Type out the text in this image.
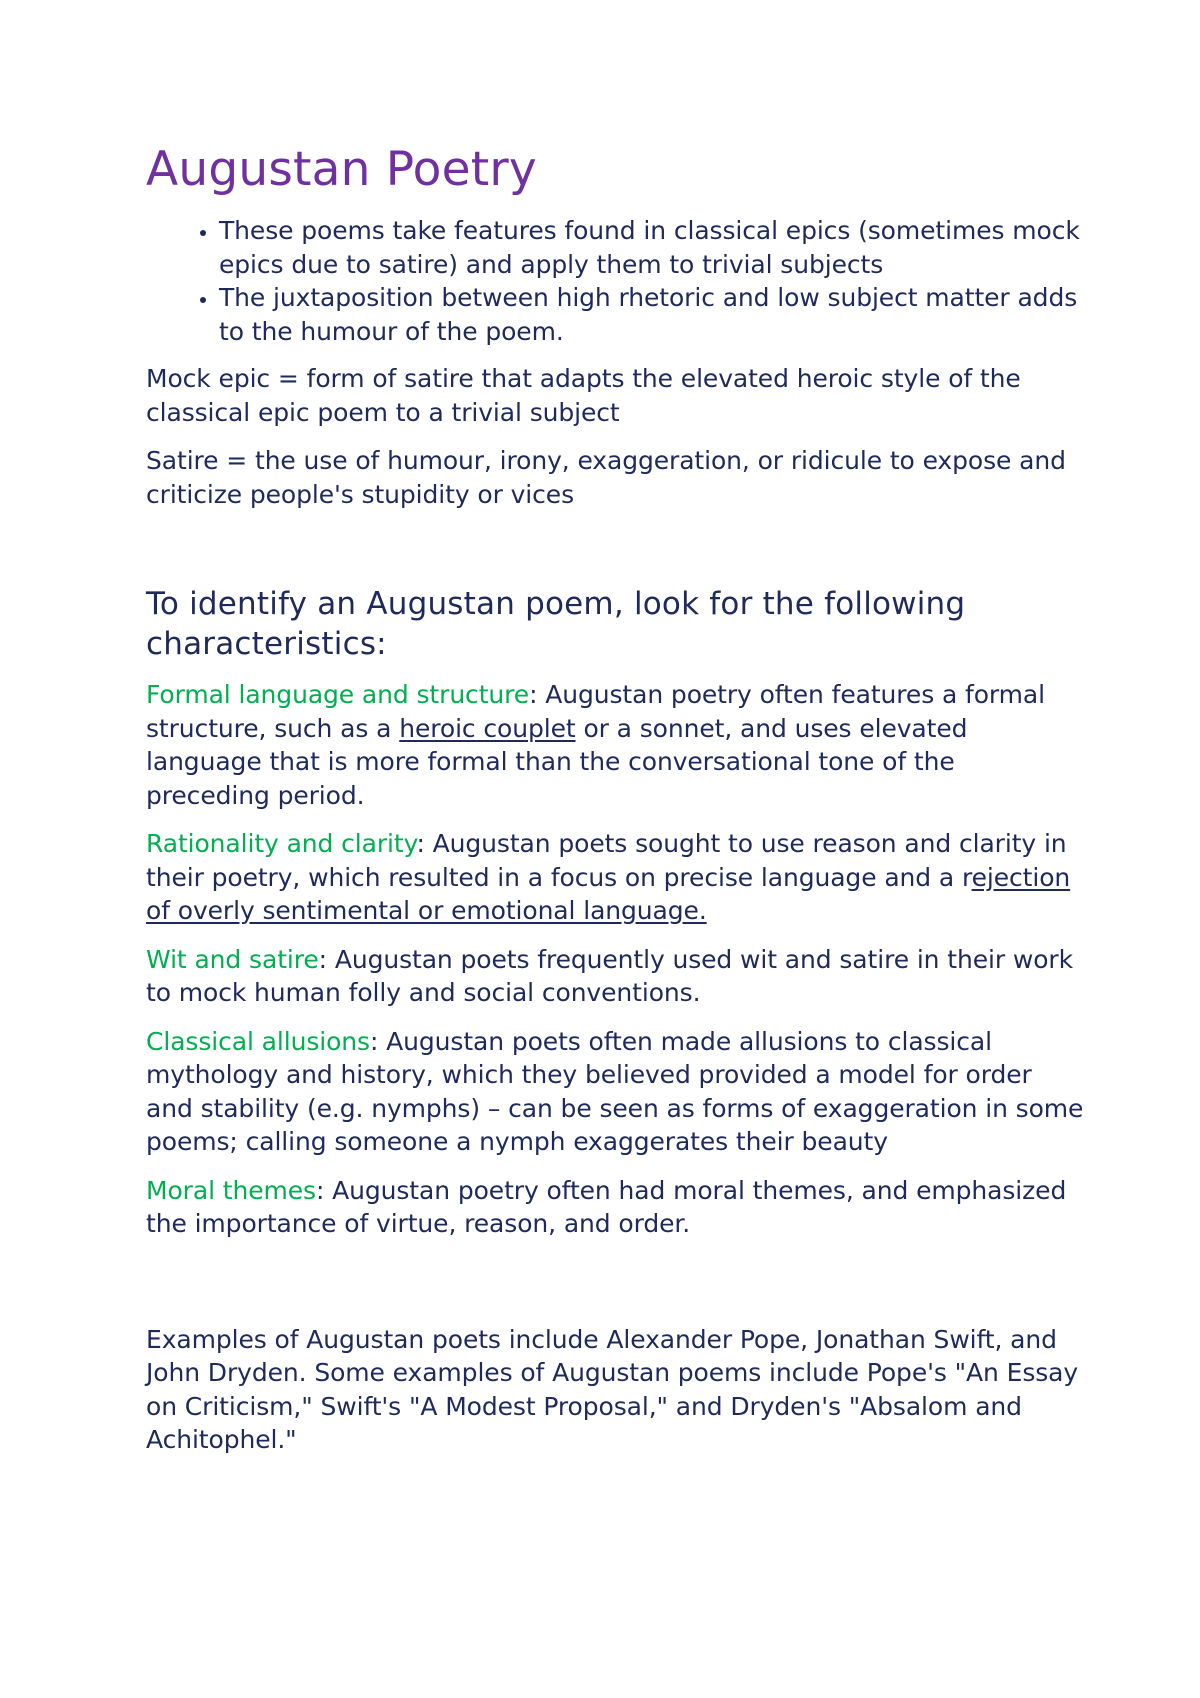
Augustan Poetry
• These poems take features found in classical epics (sometimes mock epics due to satire) and apply them to trivial subjects
• The juxtaposition between high rhetoric and low subject matter adds to the humour of the poem.

Mock epic = form of satire that adapts the elevated heroic style of the classical epic poem to a trivial subject

Satire = the use of humour, irony, exaggeration, or ridicule to expose and criticize people's stupidity or vices

To identify an Augustan poem, look for the following characteristics:

Formal language and structure: Augustan poetry often features a formal structure, such as a heroic couplet or a sonnet, and uses elevated language that is more formal than the conversational tone of the preceding period.

Rationality and clarity: Augustan poets sought to use reason and clarity in their poetry, which resulted in a focus on precise language and a rejection of overly sentimental or emotional language.

Wit and satire: Augustan poets frequently used wit and satire in their work to mock human folly and social conventions.

Classical allusions: Augustan poets often made allusions to classical mythology and history, which they believed provided a model for order and stability (e.g. nymphs) – can be seen as forms of exaggeration in some poems; calling someone a nymph exaggerates their beauty

Moral themes: Augustan poetry often had moral themes, and emphasized the importance of virtue, reason, and order.

Examples of Augustan poets include Alexander Pope, Jonathan Swift, and John Dryden. Some examples of Augustan poems include Pope's "An Essay on Criticism," Swift's "A Modest Proposal," and Dryden's "Absalom and Achitophel."
